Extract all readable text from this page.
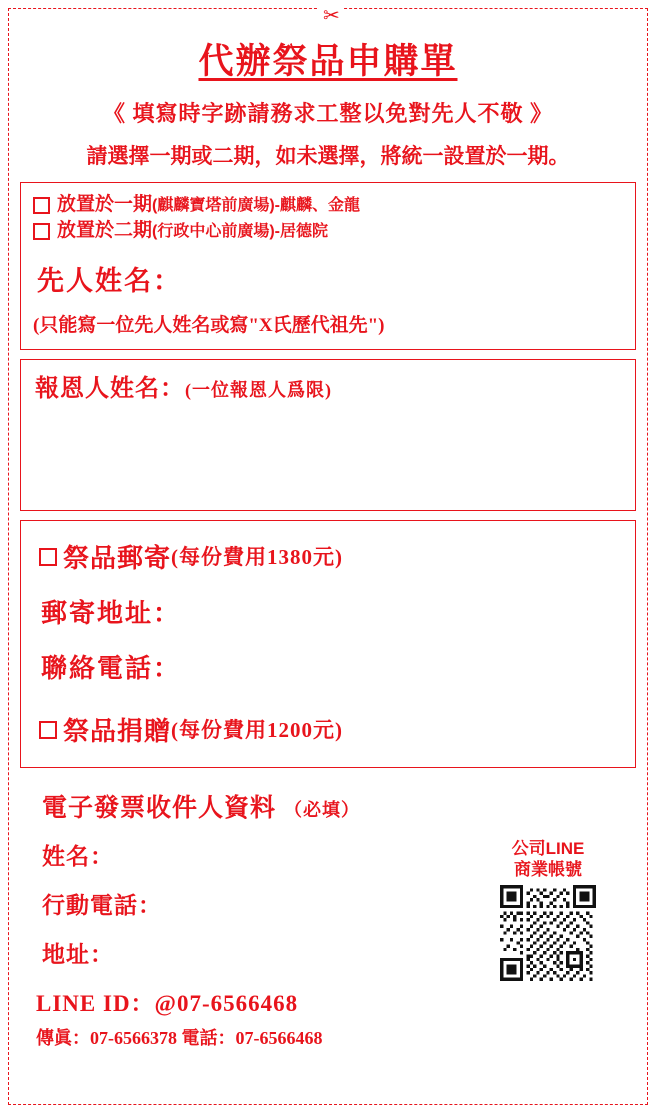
✂
代辦祭品申購單
《 填寫時字跡請務求工整以免對先人不敬 》
請選擇一期或二期，如未選擇，將統一設置於一期。
放置於一期 (麒麟寶塔前廣場)-麒麟、金龍
放置於二期 (行政中心前廣場)-居德院
先人姓名：
(只能寫一位先人姓名或寫"X氏歷代祖先")
報恩人姓名：(一位報恩人爲限)
祭品郵寄 (每份費用1380元)
郵寄地址：
聯絡電話：
祭品捐贈 (每份費用1200元)
電子發票收件人資料 （必填）
姓名：
行動電話：
地址：
公司LINE
商業帳號
LINE ID：@07-6566468
傳眞：07-6566378 電話：07-6566468
